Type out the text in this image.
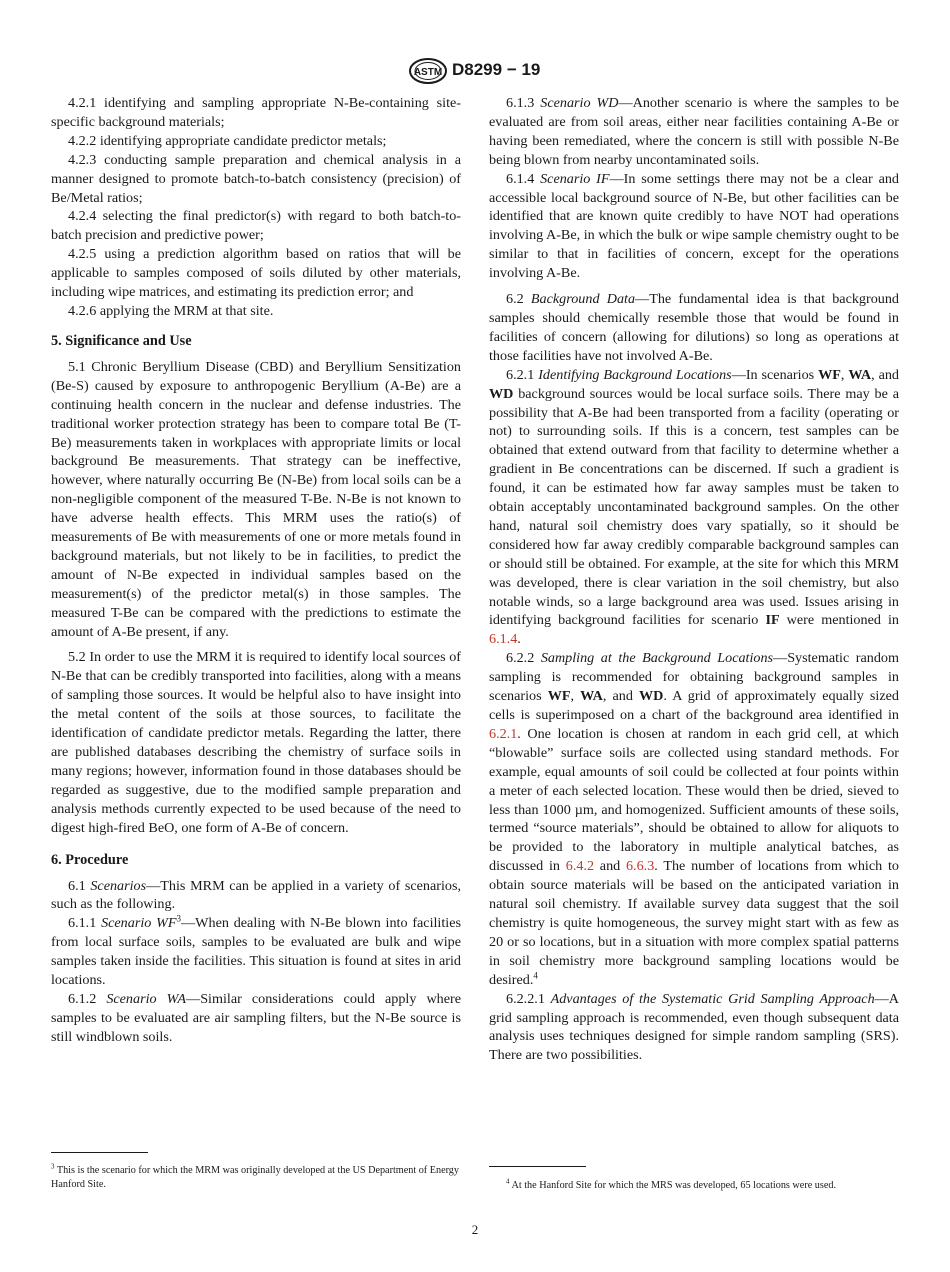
ASTM D8299 − 19

4.2.1 identifying and sampling appropriate N-Be-containing site-specific background materials;

4.2.2 identifying appropriate candidate predictor metals;

4.2.3 conducting sample preparation and chemical analysis in a manner designed to promote batch-to-batch consistency (precision) of Be/Metal ratios;

4.2.4 selecting the final predictor(s) with regard to both batch-to-batch precision and predictive power;

4.2.5 using a prediction algorithm based on ratios that will be applicable to samples composed of soils diluted by other materials, including wipe matrices, and estimating its prediction error; and

4.2.6 applying the MRM at that site.

5. Significance and Use

5.1 Chronic Beryllium Disease (CBD) and Beryllium Sensitization (Be-S) caused by exposure to anthropogenic Beryllium (A-Be) are a continuing health concern in the nuclear and defense industries. The traditional worker protection strategy has been to compare total Be (T-Be) measurements taken in workplaces with appropriate limits or local background Be measurements. That strategy can be ineffective, however, where naturally occurring Be (N-Be) from local soils can be a non-negligible component of the measured T-Be. N-Be is not known to have adverse health effects. This MRM uses the ratio(s) of measurements of Be with measurements of one or more metals found in background materials, but not likely to be in facilities, to predict the amount of N-Be expected in individual samples based on the measurement(s) of the predictor metal(s) in those samples. The measured T-Be can be compared with the predictions to estimate the amount of A-Be present, if any.

5.2 In order to use the MRM it is required to identify local sources of N-Be that can be credibly transported into facilities, along with a means of sampling those sources. It would be helpful also to have insight into the metal content of the soils at those sources, to facilitate the identification of candidate predictor metals. Regarding the latter, there are published databases describing the chemistry of surface soils in many regions; however, information found in those databases should be regarded as suggestive, due to the modified sample preparation and analysis methods currently expected to be used because of the need to digest high-fired BeO, one form of A-Be of concern.

6. Procedure

6.1 Scenarios—This MRM can be applied in a variety of scenarios, such as the following.

6.1.1 Scenario $WF^3—When$ dealing with N-Be blown into facilities from local surface soils, samples to be evaluated are bulk and wipe samples taken inside the facilities. This situation is found at sites in arid locations.

6.1.2 Scenario WA—Similar considerations could apply where samples to be evaluated are air sampling filters, but the N-Be source is still windblown soils.

$^3$ This is the scenario for which the MRM was originally developed at the US Department of Energy Hanford Site.

6.1.3 Scenario WD—Another scenario is where the samples to be evaluated are from soil areas, either near facilities containing A-Be or having been remediated, where the concern is still with possible N-Be being blown from nearby uncontaminated soils.

6.1.4 Scenario IF—In some settings there may not be a clear and accessible local background source of N-Be, but other facilities can be identified that are known quite credibly to have NOT had operations involving A-Be, in which the bulk or wipe sample chemistry ought to be similar to that in facilities of concern, except for the operations involving A-Be.

6.2 Background Data—The fundamental idea is that background samples should chemically resemble those that would be found in facilities of concern (allowing for dilutions) so long as operations at those facilities have not involved A-Be.

6.2.1 Identifying Background Locations—In scenarios WF, WA, and WD background sources would be local surface soils. There may be a possibility that A-Be had been transported from a facility (operating or not) to surrounding soils. If this is a concern, test samples can be obtained that extend outward from that facility to determine whether a gradient in Be concentrations can be discerned. If such a gradient is found, it can be estimated how far away samples must be taken to obtain acceptably uncontaminated background samples. On the other hand, natural soil chemistry does vary spatially, so it should be considered how far away credibly comparable background samples can or should still be obtained. For example, at the site for which this MRM was developed, there is clear variation in the soil chemistry, but also notable winds, so a large background area was used. Issues arising in identifying background facilities for scenario IF were mentioned in 6.1.4.

6.2.2 Sampling at the Background Locations—Systematic random sampling is recommended for obtaining background samples in scenarios WF, WA, and WD. A grid of approximately equally sized cells is superimposed on a chart of the background area identified in 6.2.1. One location is chosen at random in each grid cell, at which “blowable” surface soils are collected using standard methods. For example, equal amounts of soil could be collected at four points within a meter of each selected location. These would then be dried, sieved to less than 1000 µm, and homogenized. Sufficient amounts of these soils, termed “source materials”, should be obtained to allow for aliquots to be provided to the laboratory in multiple analytical batches, as discussed in 6.4.2 and 6.6.3. The number of locations from which to obtain source materials will be based on the anticipated variation in natural soil chemistry. If available survey data suggest that the soil chemistry is quite homogeneous, the survey might start with as few as 20 or so locations, but in a situation with more complex spatial patterns in soil chemistry more background sampling locations would be desired.$^4$

6.2.2.1 Advantages of the Systematic Grid Sampling Approach—A grid sampling approach is recommended, even though subsequent data analysis uses techniques designed for simple random sampling (SRS). There are two possibilities.

$^4$ At the Hanford Site for which the MRS was developed, 65 locations were used.
2
